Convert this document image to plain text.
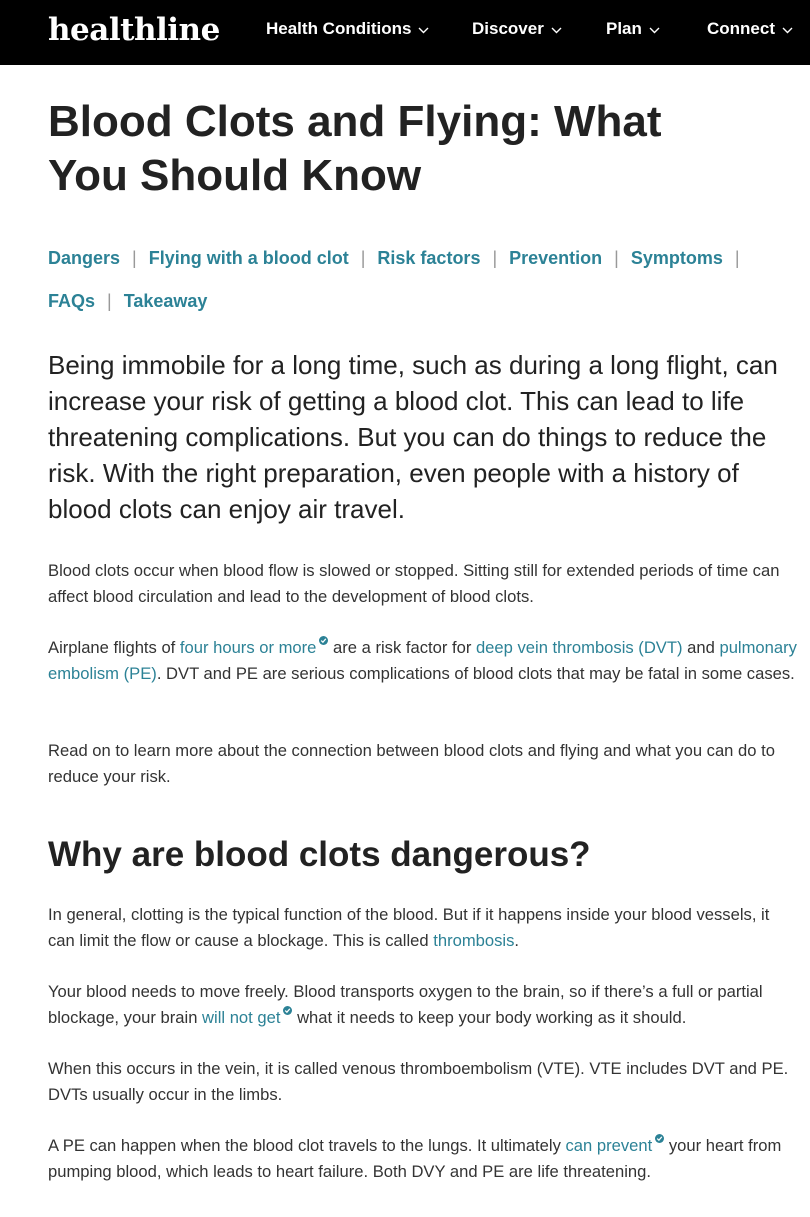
healthline	Health Conditions	Discover	Plan	Connect
Blood Clots and Flying: What You Should Know
Dangers | Flying with a blood clot | Risk factors | Prevention | Symptoms |
FAQs | Takeaway

Being immobile for a long time, such as during a long flight, can increase your risk of getting a blood clot. This can lead to life threatening complications. But you can do things to reduce the risk. With the right preparation, even people with a history of blood clots can enjoy air travel.

Blood clots occur when blood flow is slowed or stopped. Sitting still for extended periods of time can affect blood circulation and lead to the development of blood clots.

Airplane flights of four hours or more
are a risk factor for deep vein thrombosis (DVT) and pulmonary embolism (PE). DVT and PE are serious complications of blood clots that may be fatal in some cases.

Read on to learn more about the connection between blood clots and flying and what you can do to reduce your risk.

Why are blood clots dangerous?

In general, clotting is the typical function of the blood. But if it happens inside your blood vessels, it can limit the flow or cause a blockage. This is called thrombosis.

Your blood needs to move freely. Blood transports oxygen to the brain, so if there’s a full or partial blockage, your brain will not get
what it needs to keep your body working as it should.

When this occurs in the vein, it is called venous thromboembolism (VTE). VTE includes DVT and PE. DVTs usually occur in the limbs.

A PE can happen when the blood clot travels to the lungs. It ultimately can prevent
your heart from pumping blood, which leads to heart failure. Both DVY and PE are life threatening.
